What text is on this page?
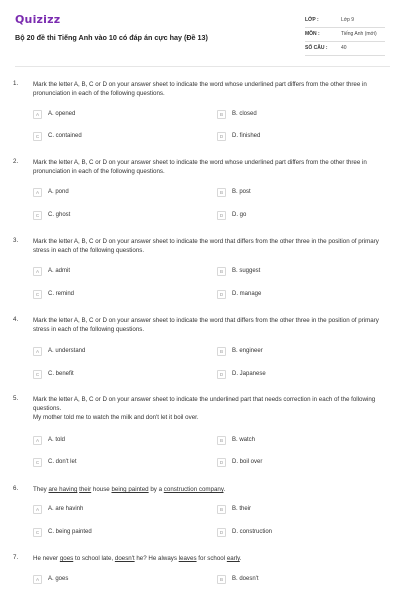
Quizizz
Bộ 20 đề thi Tiếng Anh vào 10 có đáp án cực hay (Đề 13)
LỚP :	Lớp 9
MÔN :	Tiếng Anh (mới)
SỐ CÂU :	40
1. Mark the letter A, B, C or D on your answer sheet to indicate the word whose underlined part differs from the other three in pronunciation in each of the following questions.
A	A. opened	B	B. closed
C	C. contained	D	D. finished
2. Mark the letter A, B, C or D on your answer sheet to indicate the word whose underlined part differs from the other three in pronunciation in each of the following questions.
A	A. pond	B	B. post
C	C. ghost	D	D. go
3. Mark the letter A, B, C or D on your answer sheet to indicate the word that differs from the other three in the position of primary stress in each of the following questions.
A	A. admit	B	B. suggest
C	C. remind	D	D. manage
4. Mark the letter A, B, C or D on your answer sheet to indicate the word that differs from the other three in the position of primary stress in each of the following questions.
A	A. understand	B	B. engineer
C	C. benefit	D	D. Japanese
5. Mark the letter A, B, C or D on your answer sheet to indicate the underlined part that needs correction in each of the following questions.
My mother told me to watch the milk and don't let it boil over.
A	A. told	B	B. watch
C	C. don't let	D	D. boil over
6. They are having their house being painted by a construction company.
A	A. are havinh	B	B. their
C	C. being painted	D	D. construction
7. He never goes to school late, doesn't he? He always leaves for school early.
A	A. goes	B	B. doesn't
